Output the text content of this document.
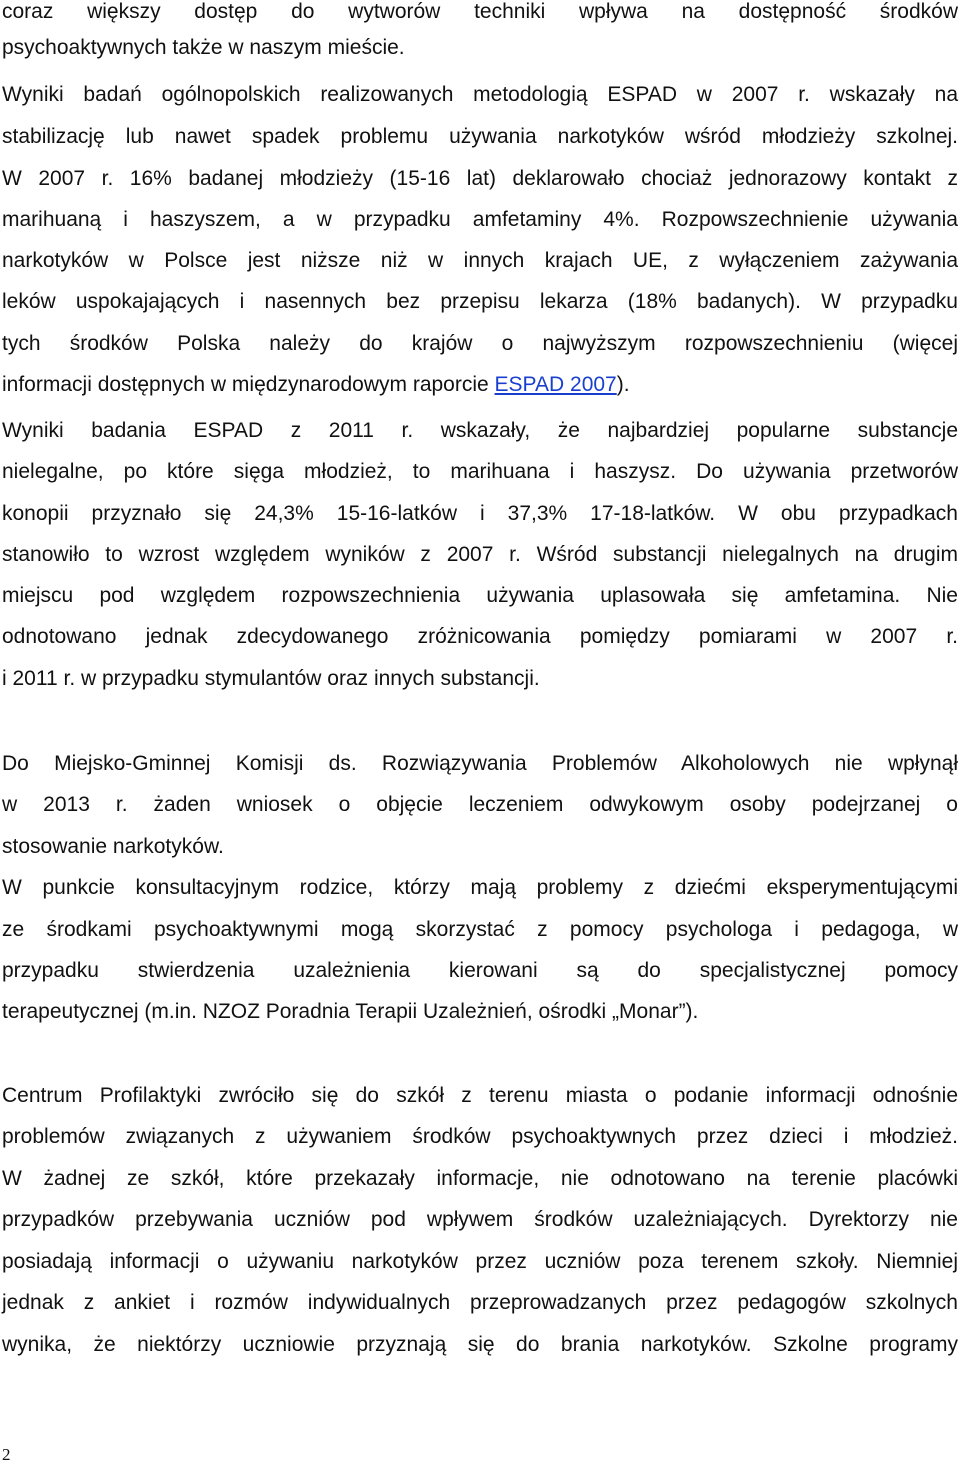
coraz większy dostęp do wytworów techniki wpływa na dostępność środków
psychoaktywnych także w naszym mieście.
Wyniki badań ogólnopolskich realizowanych metodologią ESPAD w 2007 r. wskazały na
stabilizację lub nawet spadek problemu używania narkotyków wśród młodzieży szkolnej.
W 2007 r. 16% badanej młodzieży (15-16 lat) deklarowało chociaż jednorazowy kontakt z
marihuaną i haszyszem, a w przypadku amfetaminy 4%. Rozpowszechnienie używania
narkotyków w Polsce jest niższe niż w innych krajach UE, z wyłączeniem zażywania
leków uspokajających i nasennych bez przepisu lekarza (18% badanych). W przypadku
tych środków Polska należy do krajów o najwyższym rozpowszechnieniu (więcej
informacji dostępnych w międzynarodowym raporcie ESPAD 2007).
Wyniki badania ESPAD z 2011 r. wskazały, że najbardziej popularne substancje
nielegalne, po które sięga młodzież, to marihuana i haszysz. Do używania przetworów
konopii przyznało się 24,3% 15-16-latków i 37,3% 17-18-latków. W obu przypadkach
stanowiło to wzrost względem wyników z 2007 r. Wśród substancji nielegalnych na drugim
miejscu pod względem rozpowszechnienia używania uplasowała się amfetamina. Nie
odnotowano jednak zdecydowanego zróżnicowania pomiędzy pomiarami w 2007 r.
i 2011 r. w przypadku stymulantów oraz innych substancji.
Do Miejsko-Gminnej Komisji ds. Rozwiązywania Problemów Alkoholowych nie wpłynął
w 2013 r. żaden wniosek o objęcie leczeniem odwykowym osoby podejrzanej o
stosowanie narkotyków.
W punkcie konsultacyjnym rodzice, którzy mają problemy z dziećmi eksperymentującymi
ze środkami psychoaktywnymi mogą skorzystać z pomocy psychologa i pedagoga, w
przypadku stwierdzenia uzależnienia kierowani są do specjalistycznej pomocy
terapeutycznej (m.in. NZOZ Poradnia Terapii Uzależnień, ośrodki „Monar”).
Centrum Profilaktyki zwróciło się do szkół z terenu miasta o podanie informacji odnośnie
problemów związanych z używaniem środków psychoaktywnych przez dzieci i młodzież.
W żadnej ze szkół, które przekazały informacje, nie odnotowano na terenie placówki
przypadków przebywania uczniów pod wpływem środków uzależniających. Dyrektorzy nie
posiadają informacji o używaniu narkotyków przez uczniów poza terenem szkoły. Niemniej
jednak z ankiet i rozmów indywidualnych przeprowadzanych przez pedagogów szkolnych
wynika, że niektórzy uczniowie przyznają się do brania narkotyków. Szkolne programy
2
